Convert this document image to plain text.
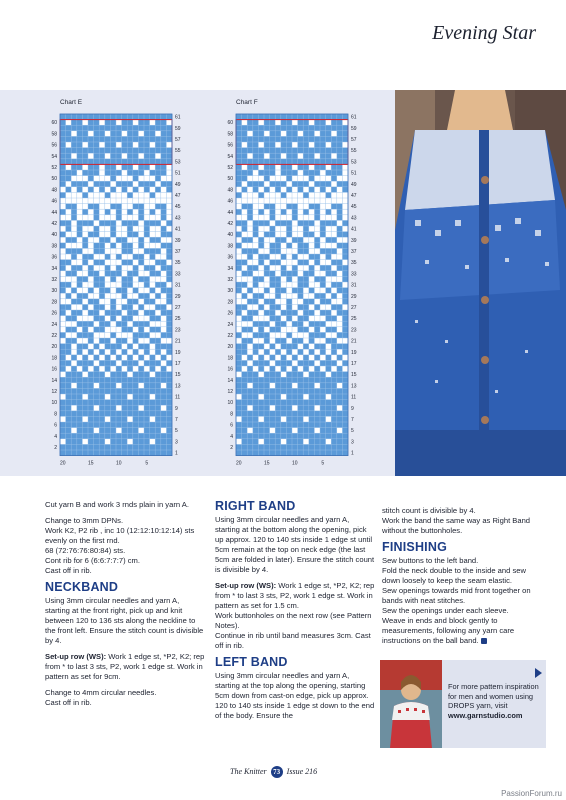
Evening Star
Chart E	Chart F
60
58
56
54
52
50
48
46
44
42
40
38
36
34
32
30
28
26
24
22
20
18
16
14
12
10
8
6
4
2
61
59
57
55
53
51
49
47
45
43
41
39
37
35
33
31
29
27
25
23
21
19
17
15
13
11
9
7
5
3
1
20	15	10	5
60
58
56
54
52
50
48
46
44
42
40
38
36
34
32
30
28
26
24
22
20
18
16
14
12
10
8
6
4
2
61
59
57
55
53
51
49
47
45
43
41
39
37
35
33
31
29
27
25
23
21
19
17
15
13
11
9
7
5
3
1
20	15	10	5

Cut yarn B and work 3 rnds plain in yarn A.

Change to 3mm DPNs.

Work K2, P2 rib , inc 10 (12:12:10:12:14) sts evenly on the first rnd.

68 (72:76:76:80:84) sts.

Cont rib for 6 (6:6:7:7:7) cm.

Cast off in rib.

NECKBAND

Using 3mm circular needles and yarn A, starting at the front right, pick up and knit between 120 to 136 sts along the neckline to the front left. Ensure the stitch count is divisible by 4.

Set-up row (WS): Work 1 edge st, *P2, K2; rep from * to last 3 sts, P2, work 1 edge st. Work in pattern as set for 9cm.

Change to 4mm circular needles.

Cast off in rib.

RIGHT BAND

Using 3mm circular needles and yarn A, starting at the bottom along the opening, pick up approx. 120 to 140 sts inside 1 edge st until 5cm remain at the top on neck edge (the last 5cm are folded in later). Ensure the stitch count is divisible by 4.

Set-up row (WS): Work 1 edge st, *P2, K2; rep from * to last 3 sts, P2, work 1 edge st. Work in pattern as set for 1.5 cm.

Work buttonholes on the next row (see Pattern Notes).

Continue in rib until band measures 3cm. Cast off in rib.

LEFT BAND

Using 3mm circular needles and yarn A, starting at the top along the opening, starting 5cm down from cast-on edge, pick up approx. 120 to 140 sts inside 1 edge st down to the end of the body. Ensure the

stitch count is divisible by 4.

Work the band the same way as Right Band without the buttonholes.

FINISHING

Sew buttons to the left band.

Fold the neck double to the inside and sew down loosely to keep the seam elastic.

Sew openings towards mid front together on bands with neat stitches.

Sew the openings under each sleeve.

Weave in ends and block gently to measurements, following any yarn care instructions on the ball band.

For more pattern inspiration for men and women using DROPS yarn, visit www.garnstudio.com
The Knitter 73 Issue 216
PassionForum.ru
